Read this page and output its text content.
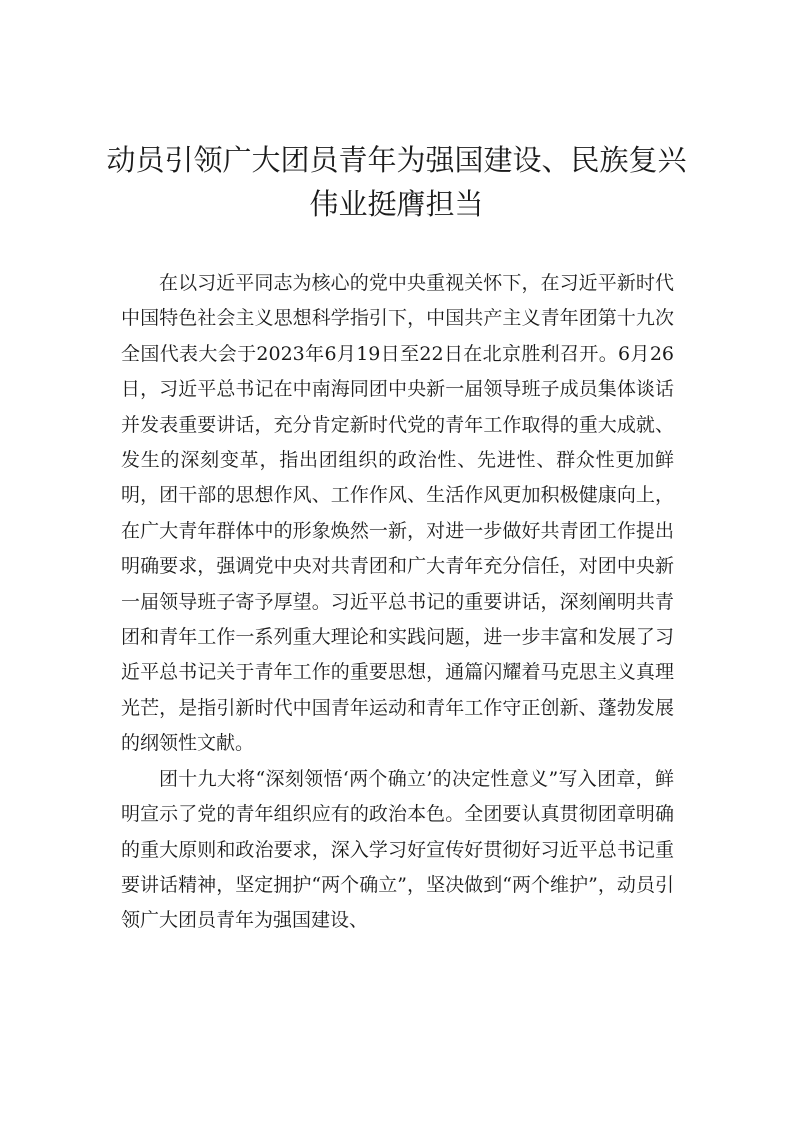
动员引领广大团员青年为强国建设、民族复兴伟业挺膺担当

在以习近平同志为核心的党中央重视关怀下，在习近平新时代中国特色社会主义思想科学指引下，中国共产主义青年团第十九次全国代表大会于2023年6月19日至22日在北京胜利召开。6月26日，习近平总书记在中南海同团中央新一届领导班子成员集体谈话并发表重要讲话，充分肯定新时代党的青年工作取得的重大成就、发生的深刻变革，指出团组织的政治性、先进性、群众性更加鲜明，团干部的思想作风、工作作风、生活作风更加积极健康向上，在广大青年群体中的形象焕然一新，对进一步做好共青团工作提出明确要求，强调党中央对共青团和广大青年充分信任，对团中央新一届领导班子寄予厚望。习近平总书记的重要讲话，深刻阐明共青团和青年工作一系列重大理论和实践问题，进一步丰富和发展了习近平总书记关于青年工作的重要思想，通篇闪耀着马克思主义真理光芒，是指引新时代中国青年运动和青年工作守正创新、蓬勃发展的纲领性文献。

团十九大将“深刻领悟‘两个确立’的决定性意义”写入团章，鲜明宣示了党的青年组织应有的政治本色。全团要认真贯彻团章明确的重大原则和政治要求，深入学习好宣传好贯彻好习近平总书记重要讲话精神，坚定拥护“两个确立”，坚决做到“两个维护”，动员引领广大团员青年为强国建设、
